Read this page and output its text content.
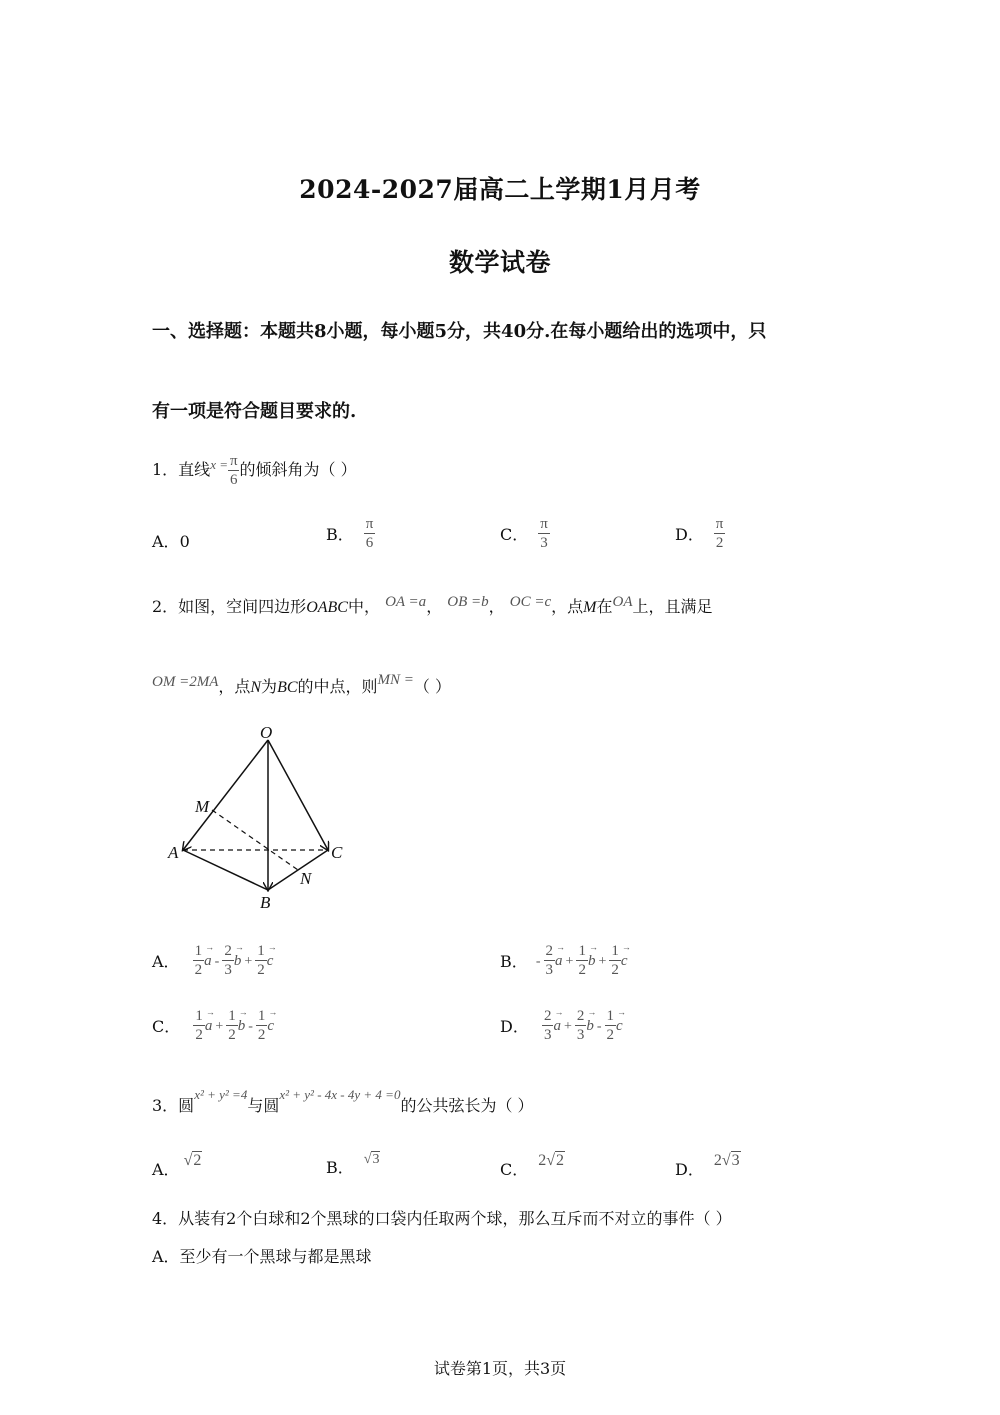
2024-2027届高二上学期1月月考
数学试卷
一、选择题：本题共8小题，每小题5分，共40分.在每小题给出的选项中，只
有一项是符合题目要求的.
1．直线$^{x =} \frac{\pi}{6}$ 的倾斜角为（ ）
A．0	B． $\frac{\pi}{6}$	C． $\frac{\pi}{3}$	D． $\frac{\pi}{2}$
2．如图，空间四边形OABC中， OA =a， OB =b， OC =c，点M在OA上，且满足
OM =2MA，点N为BC的中点，则MN =（ ）
O
M
A	C
N
B
A． $\frac{1}{2}$
→ a - $\frac{2}{3}$
→ $b + \frac{1}{2}$
→ c	B． - $\frac{2}{3}$
→ $a + \frac{1}{2}$
→ $b + \frac{1}{2}$
→ c
C． $\frac{1}{2}$
→ $a + \frac{1}{2}$
→ b - $\frac{1}{2}$
→ c	D． $\frac{2}{3}$
→ $a + \frac{2}{3}$
→ b - $\frac{1}{2}$
→ c
3．圆$^{x^2 + y^2 =4}$与圆$^{x^2 + y^2 - 4x - 4y + 4 =0}$的公共弦长为（ ）
A． √2	B． √3
C． 2√2	D． 2√3
4．从装有2个白球和2个黑球的口袋内任取两个球，那么互斥而不对立的事件（ ）
A．至少有一个黑球与都是黑球
试卷第1页，共3页
